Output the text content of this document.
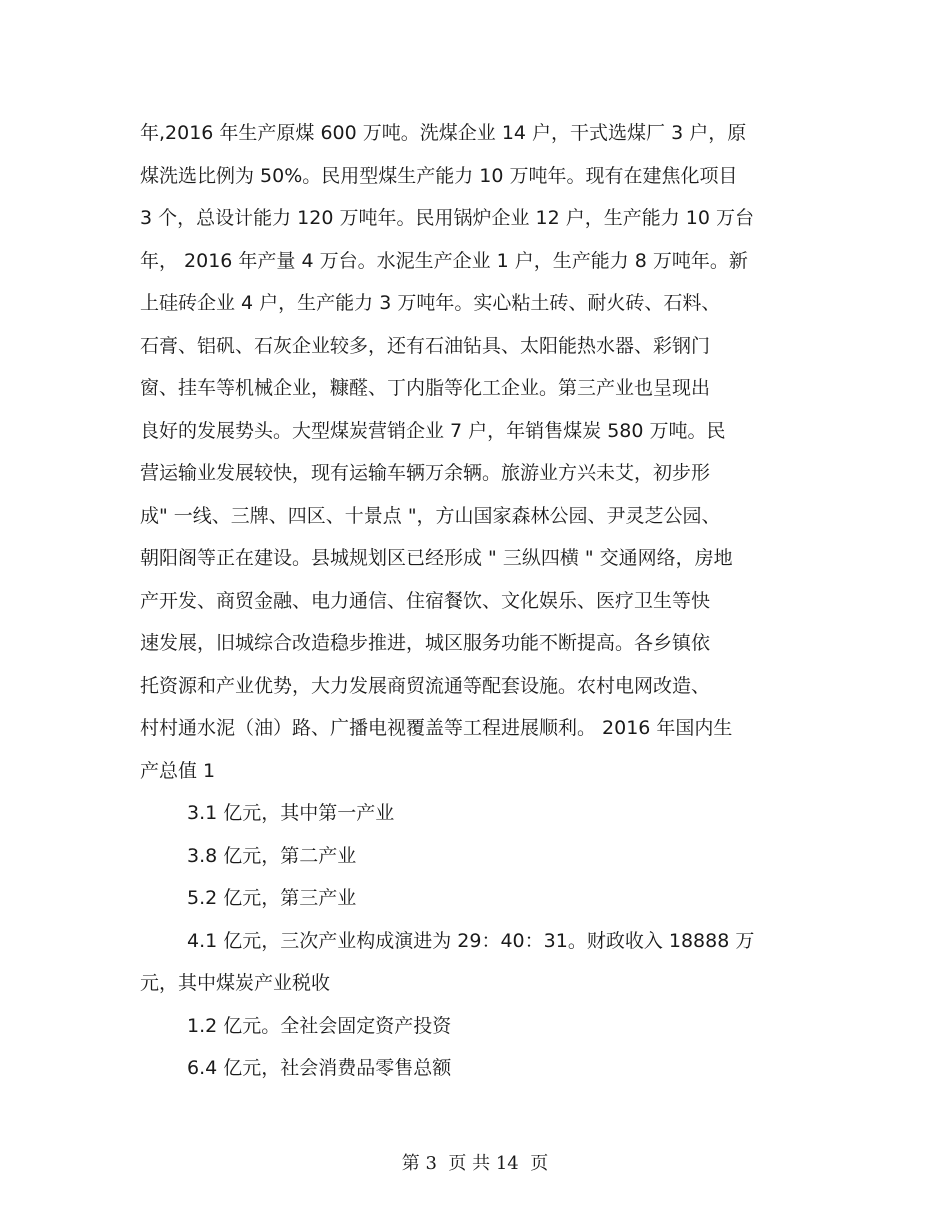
年,2016 年生产原煤 600 万吨。洗煤企业 14 户，干式选煤厂 3 户，原
煤洗选比例为 50%。民用型煤生产能力 10 万吨年。现有在建焦化项目
3 个，总设计能力 120 万吨年。民用锅炉企业 12 户，生产能力 10 万台
年， 2016 年产量 4 万台。水泥生产企业 1 户，生产能力 8 万吨年。新
上硅砖企业 4 户，生产能力 3 万吨年。实心粘土砖、耐火砖、石料、
石膏、铝矾、石灰企业较多，还有石油钻具、太阳能热水器、彩钢门
窗、挂车等机械企业，糠醛、丁内脂等化工企业。第三产业也呈现出
良好的发展势头。大型煤炭营销企业 7 户，年销售煤炭 580 万吨。民
营运输业发展较快，现有运输车辆万余辆。旅游业方兴未艾，初步形
成" 一线、三牌、四区、十景点 "，方山国家森林公园、尹灵芝公园、
朝阳阁等正在建设。县城规划区已经形成 " 三纵四横 " 交通网络，房地
产开发、商贸金融、电力通信、住宿餐饮、文化娱乐、医疗卫生等快
速发展，旧城综合改造稳步推进，城区服务功能不断提高。各乡镇依
托资源和产业优势，大力发展商贸流通等配套设施。农村电网改造、
村村通水泥（油）路、广播电视覆盖等工程进展顺利。 2016 年国内生
产总值 1
3.1 亿元，其中第一产业
3.8 亿元，第二产业
5.2 亿元，第三产业
4.1 亿元，三次产业构成演进为 29：40：31。财政收入 18888 万
元，其中煤炭产业税收
1.2 亿元。全社会固定资产投资
6.4 亿元，社会消费品零售总额
第 3  页 共 14  页
